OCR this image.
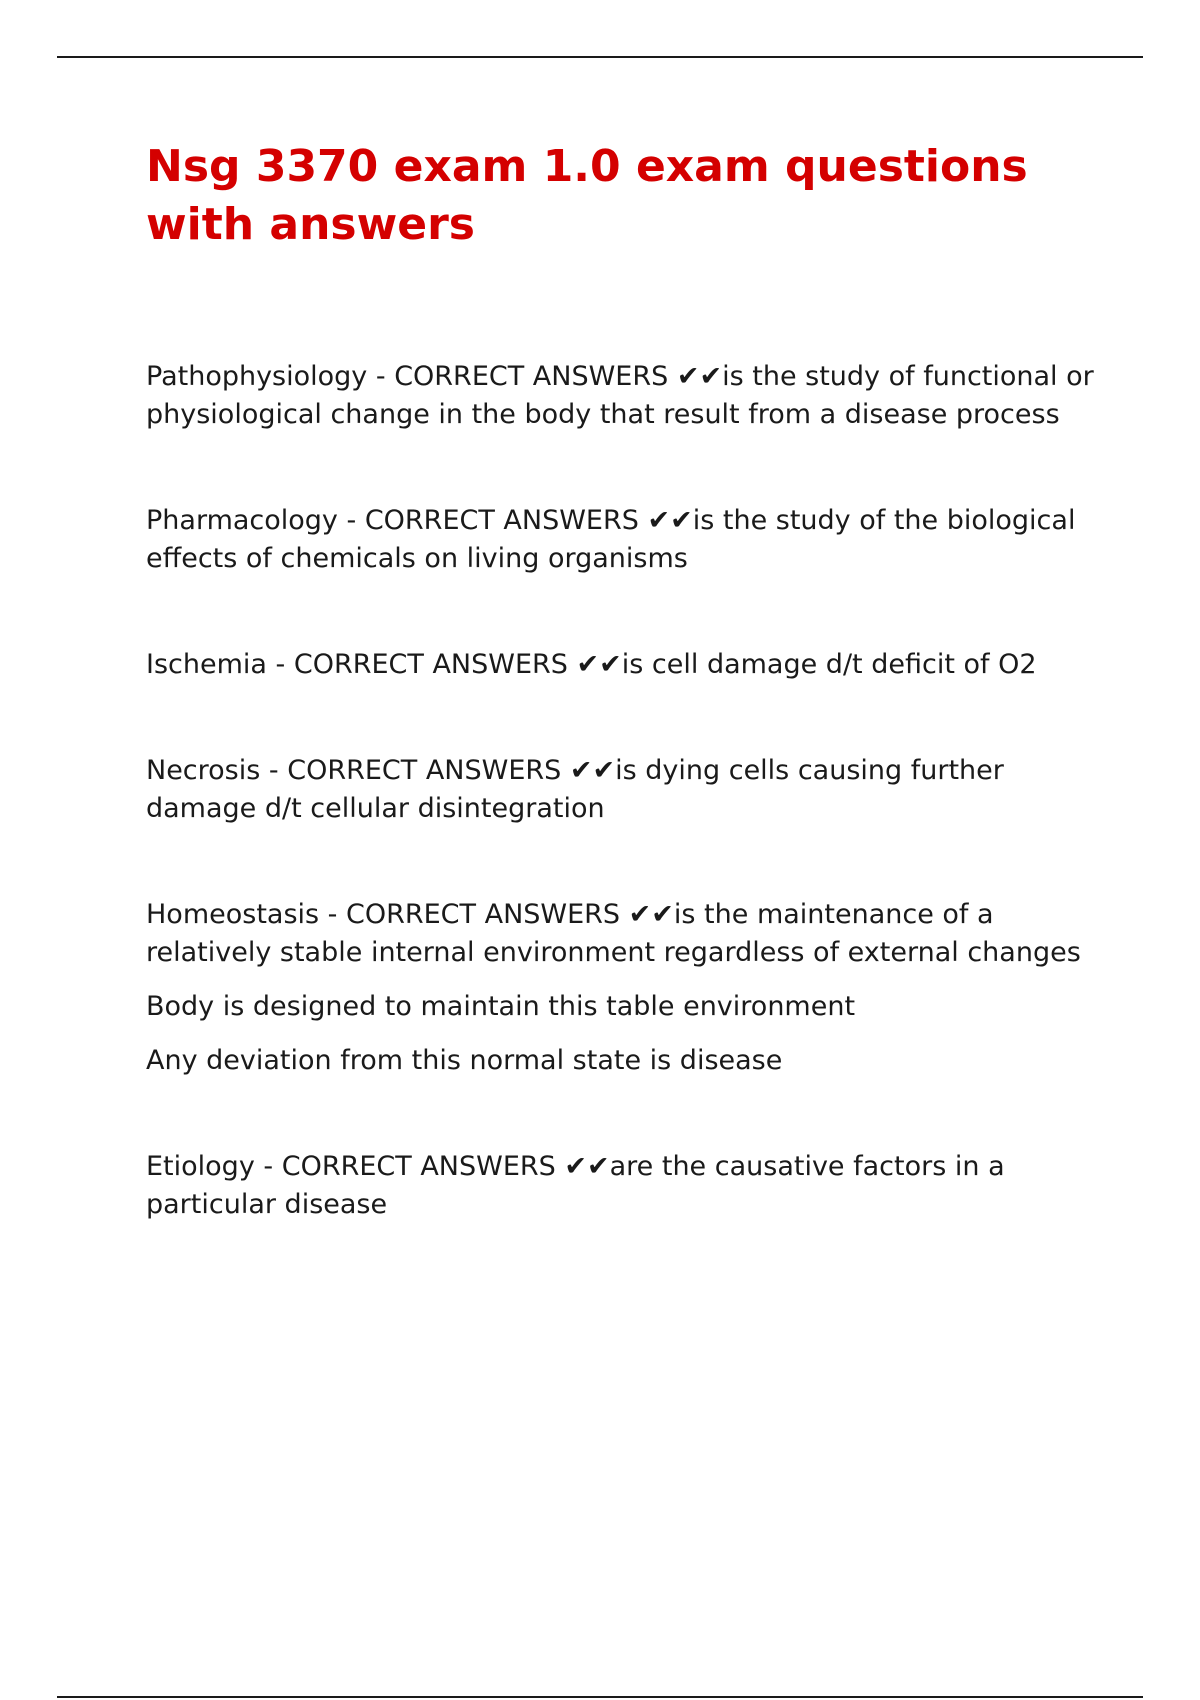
Nsg 3370 exam 1.0 exam questions with answers

Pathophysiology - CORRECT ANSWERS ✔✔is the study of functional or physiological change in the body that result from a disease process

Pharmacology - CORRECT ANSWERS ✔✔is the study of the biological effects of chemicals on living organisms

Ischemia - CORRECT ANSWERS ✔✔is cell damage d/t deficit of O2

Necrosis - CORRECT ANSWERS ✔✔is dying cells causing further damage d/t cellular disintegration

Homeostasis - CORRECT ANSWERS ✔✔is the maintenance of a relatively stable internal environment regardless of external changes

Body is designed to maintain this table environment

Any deviation from this normal state is disease

Etiology - CORRECT ANSWERS ✔✔are the causative factors in a particular disease
